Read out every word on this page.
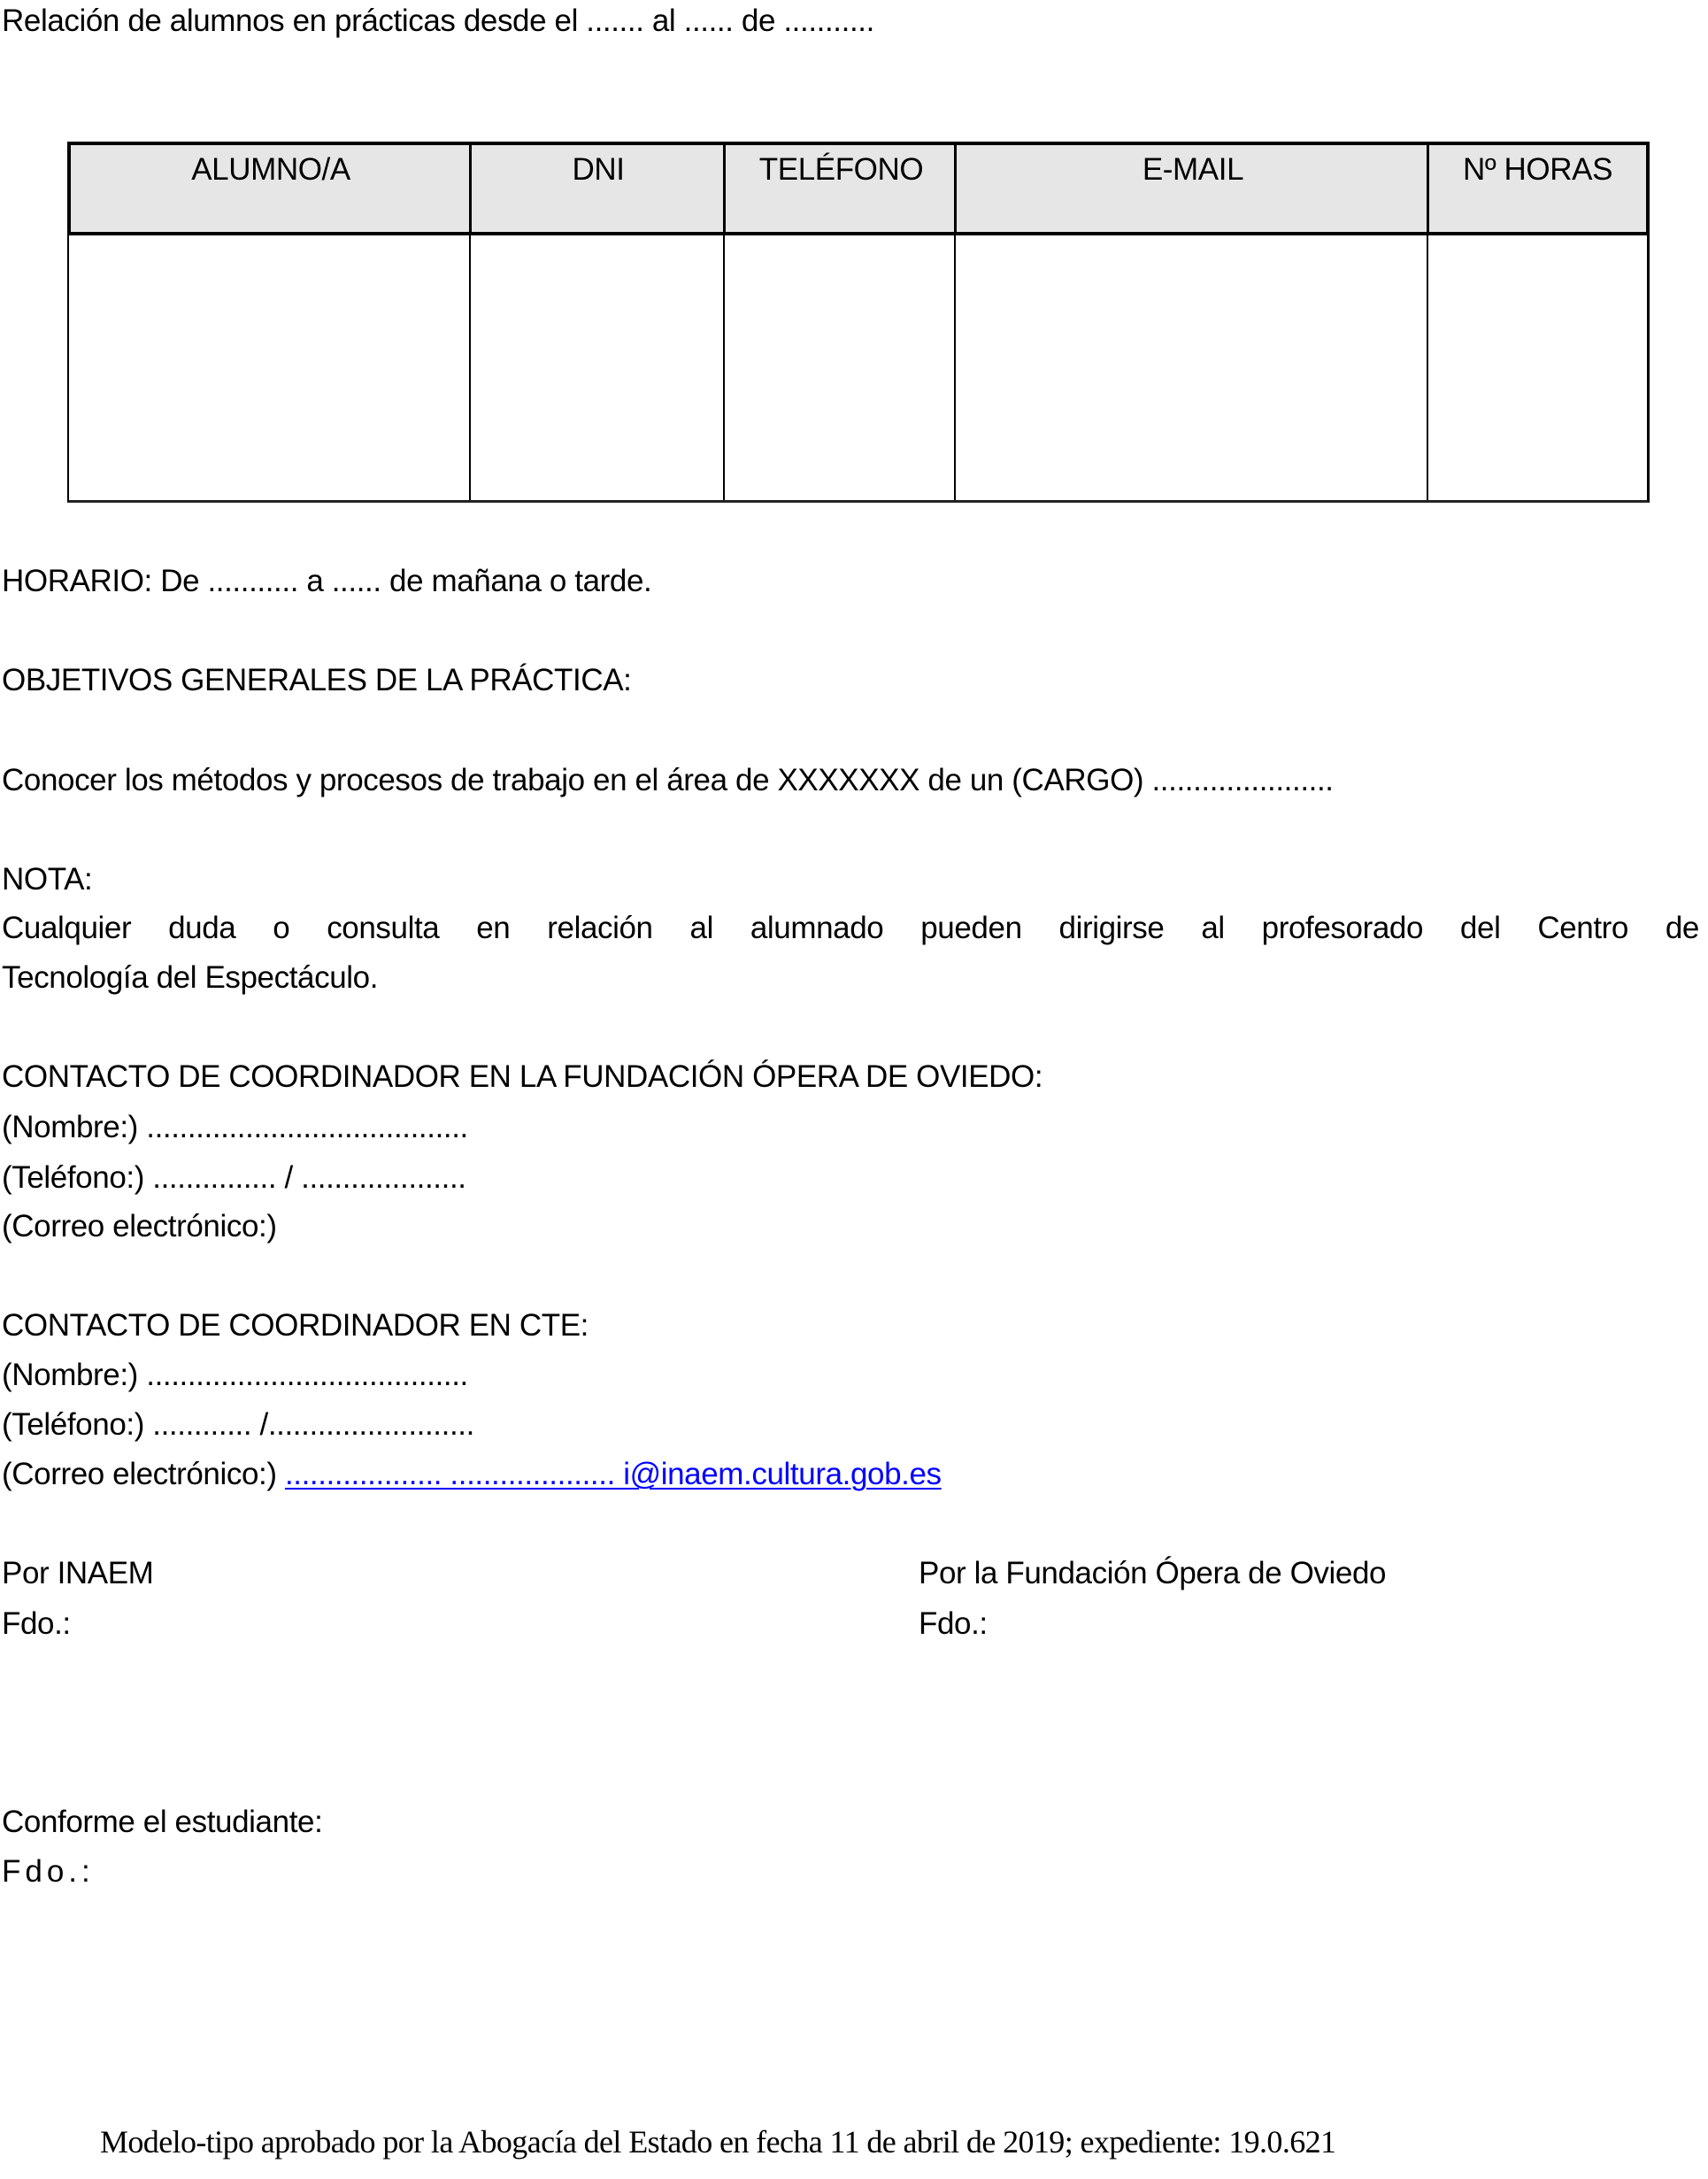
Relación de alumnos en prácticas desde el ....... al ...... de ...........
ALUMNO/A	DNI	TELÉFONO	E-MAIL	Nº HORAS
HORARIO: De ........... a ...... de mañana o tarde.
OBJETIVOS GENERALES DE LA PRÁCTICA:
Conocer los métodos y procesos de trabajo en el área de XXXXXXX de un (CARGO) ......................
NOTA:
Cualquier duda o consulta en relación al alumnado pueden dirigirse al profesorado del Centro de
Tecnología del Espectáculo.
CONTACTO DE COORDINADOR EN LA FUNDACIÓN ÓPERA DE OVIEDO:
(Nombre:) .......................................
(Teléfono:) ............... / ....................
(Correo electrónico:)
CONTACTO DE COORDINADOR EN CTE:
(Nombre:) .......................................
(Teléfono:) ............ /.........................
(Correo electrónico:) ................... .................... i@inaem.cultura.gob.es
Por INAEM
Fdo.:
Por la Fundación Ópera de Oviedo
Fdo.:
Conforme el estudiante:
Fdo.:
Modelo-tipo aprobado por la Abogacía del Estado en fecha 11 de abril de 2019; expediente: 19.0.621
